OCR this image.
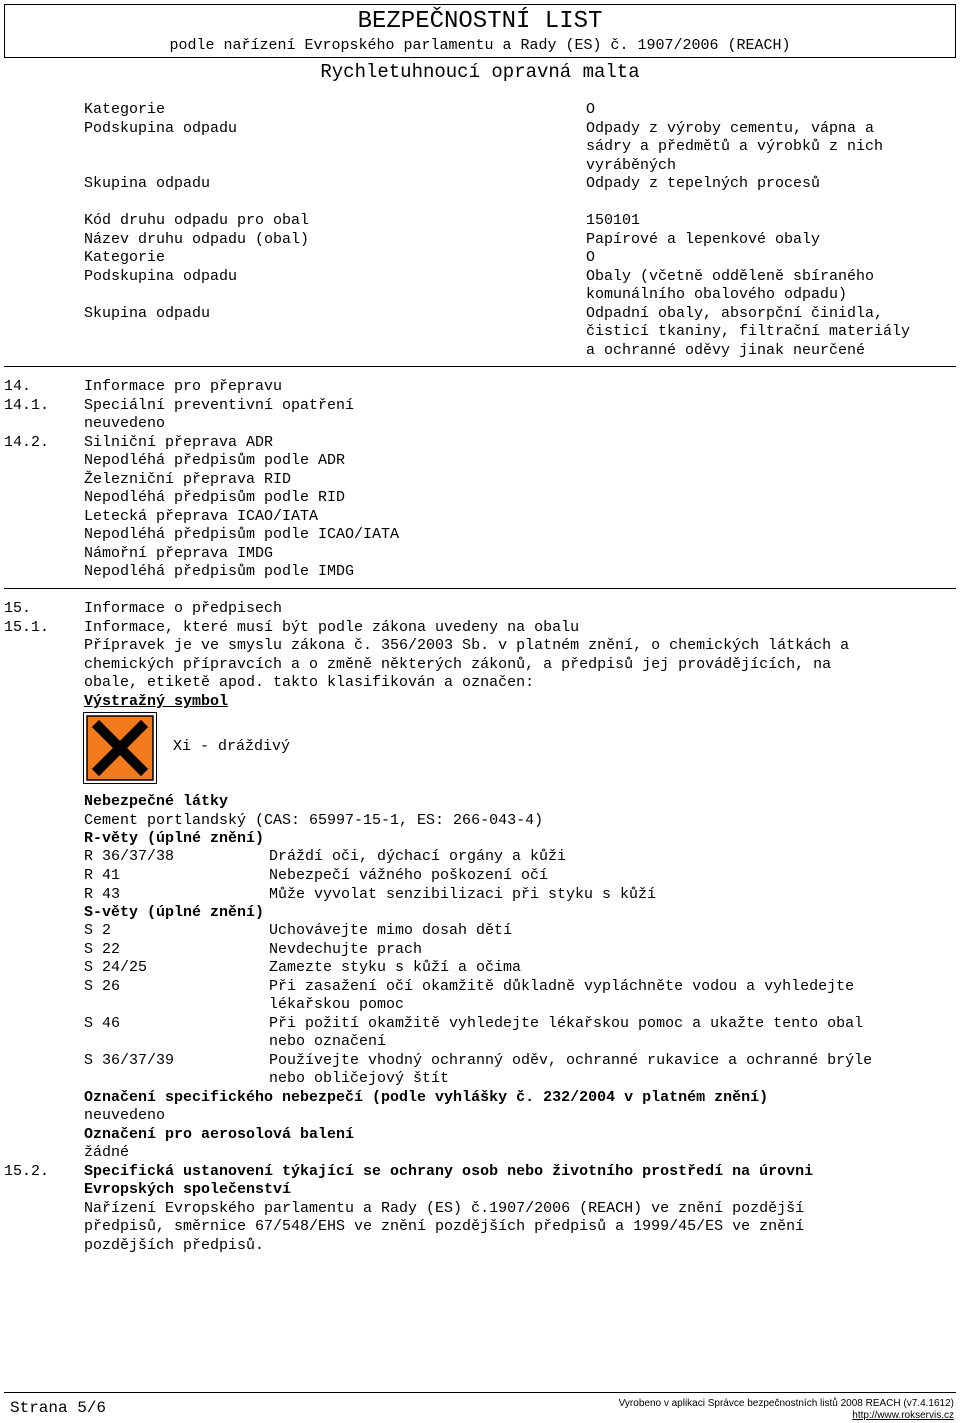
BEZPEČNOSTNÍ LIST
podle nařízení Evropského parlamentu a Rady (ES) č. 1907/2006 (REACH)
Rychletuhnoucí opravná malta
Kategorie	O
Podskupina odpadu	Odpady z výroby cementu, vápna a
sádry a předmětů a výrobků z nich
vyráběných
Skupina odpadu	Odpady z tepelných procesů
Kód druhu odpadu pro obal	150101
Název druhu odpadu (obal)	Papírové a lepenkové obaly
Kategorie	O
Podskupina odpadu	Obaly (včetně odděleně sbíraného
komunálního obalového odpadu)
Skupina odpadu	Odpadní obaly, absorpční činidla,
čisticí tkaniny, filtrační materiály
a ochranné oděvy jinak neurčené
14.	Informace pro přepravu
14.1. Speciální preventivní opatření
neuvedeno
14.2. Silniční přeprava ADR
Nepodléhá předpisům podle ADR
Železniční přeprava RID
Nepodléhá předpisům podle RID
Letecká přeprava ICAO/IATA
Nepodléhá předpisům podle ICAO/IATA
Námořní přeprava IMDG
Nepodléhá předpisům podle IMDG
15.	Informace o předpisech
15.1. Informace, které musí být podle zákona uvedeny na obalu
Přípravek je ve smyslu zákona č. 356/2003 Sb. v platném znění, o chemických látkách a
chemických přípravcích a o změně některých zákonů, a předpisů jej provádějících, na
obale, etiketě apod. takto klasifikován a označen:
Výstražný symbol
Xi - dráždivý
Nebezpečné látky
Cement portlandský (CAS: 65997-15-1, ES: 266-043-4)
R-věty (úplné znění)
R 36/37/38	Dráždí oči, dýchací orgány a kůži
R 41	Nebezpečí vážného poškození očí
R 43	Může vyvolat senzibilizaci při styku s kůží
S-věty (úplné znění)
S 2	Uchovávejte mimo dosah dětí
S 22	Nevdechujte prach
S 24/25	Zamezte styku s kůží a očima
S 26	Při zasažení očí okamžitě důkladně vypláchněte vodou a vyhledejte
lékařskou pomoc
S 46	Při požití okamžitě vyhledejte lékařskou pomoc a ukažte tento obal
nebo označení
S 36/37/39	Používejte vhodný ochranný oděv, ochranné rukavice a ochranné brýle
nebo obličejový štít
Označení specifického nebezpečí (podle vyhlášky č. 232/2004 v platném znění)
neuvedeno
Označení pro aerosolová balení
žádné
15.2. Specifická ustanovení týkající se ochrany osob nebo životního prostředí na úrovni
Evropských společenství
Nařízení Evropského parlamentu a Rady (ES) č.1907/2006 (REACH) ve znění pozdější
předpisů, směrnice 67/548/EHS ve znění pozdějších předpisů a 1999/45/ES ve znění
pozdějších předpisů.
Strana 5/6	Vyrobeno v aplikaci Správce bezpečnostních listů 2008 REACH (v7.4.1612)
http://www.rokservis.cz
